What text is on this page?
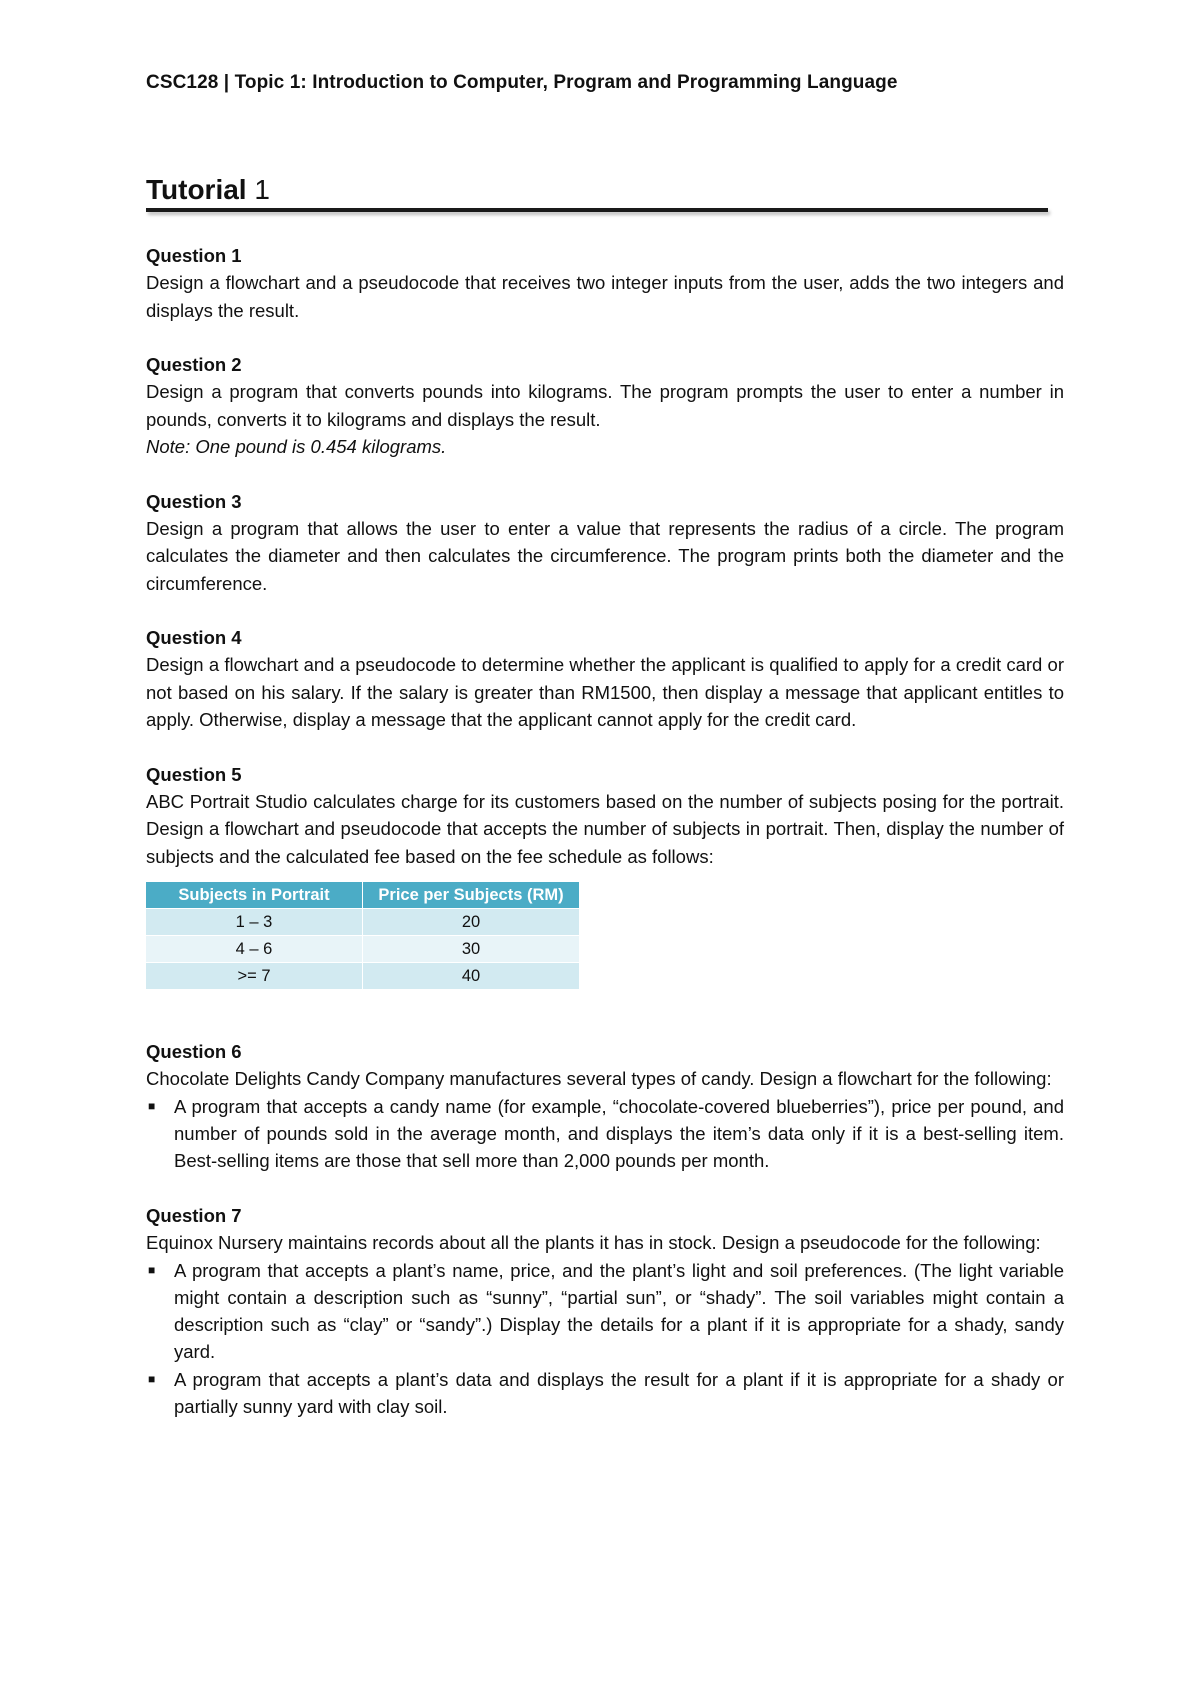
CSC128 | Topic 1: Introduction to Computer, Program and Programming Language
Tutorial 1

Question 1

Design a flowchart and a pseudocode that receives two integer inputs from the user, adds the two integers and displays the result.

Question 2

Design a program that converts pounds into kilograms. The program prompts the user to enter a number in pounds, converts it to kilograms and displays the result.

Note: One pound is 0.454 kilograms.

Question 3

Design a program that allows the user to enter a value that represents the radius of a circle. The program calculates the diameter and then calculates the circumference. The program prints both the diameter and the circumference.

Question 4

Design a flowchart and a pseudocode to determine whether the applicant is qualified to apply for a credit card or not based on his salary. If the salary is greater than RM1500, then display a message that applicant entitles to apply. Otherwise, display a message that the applicant cannot apply for the credit card.

Question 5

ABC Portrait Studio calculates charge for its customers based on the number of subjects posing for the portrait. Design a flowchart and pseudocode that accepts the number of subjects in portrait. Then, display the number of subjects and the calculated fee based on the fee schedule as follows:

Subjects in Portrait	Price per Subjects (RM)
1 – 3	20
4 – 6	30
>= 7	40

Question 6

Chocolate Delights Candy Company manufactures several types of candy. Design a flowchart for the following:

■ A program that accepts a candy name (for example, “chocolate-covered blueberries”), price per pound, and number of pounds sold in the average month, and displays the item’s data only if it is a best-selling item. Best-selling items are those that sell more than 2,000 pounds per month.

Question 7

Equinox Nursery maintains records about all the plants it has in stock. Design a pseudocode for the following:

■ A program that accepts a plant’s name, price, and the plant’s light and soil preferences. (The light variable might contain a description such as “sunny”, “partial sun”, or “shady”. The soil variables might contain a description such as “clay” or “sandy”.) Display the details for a plant if it is appropriate for a shady, sandy yard.
■ A program that accepts a plant’s data and displays the result for a plant if it is appropriate for a shady or partially sunny yard with clay soil.
